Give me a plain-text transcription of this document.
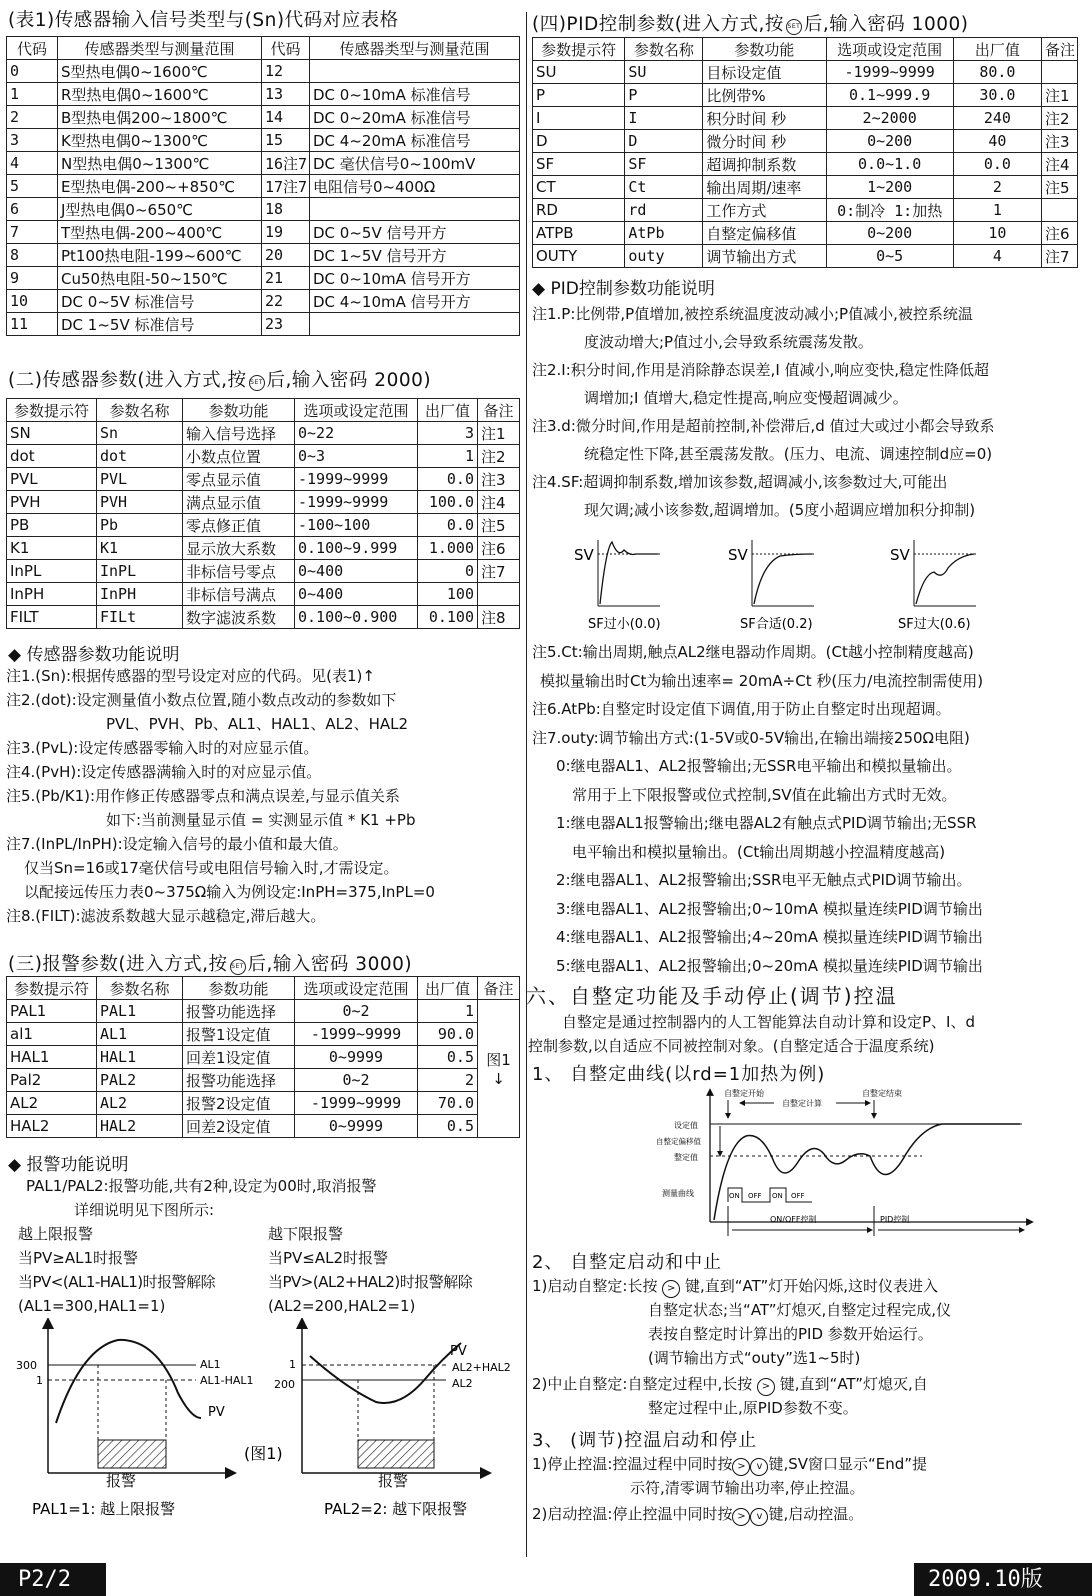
(表1)传感器输入信号类型与(Sn)代码对应表格
代码	传感器类型与测量范围	代码	传感器类型与测量范围
0	S型热电偶0~1600℃	12	
1	R型热电偶0~1600℃	13	DC 0~10mA 标准信号
2	B型热电偶200~1800℃	14	DC 0~20mA 标准信号
3	K型热电偶0~1300℃	15	DC 4~20mA 标准信号
4	N型热电偶0~1300℃	16注7	DC 毫伏信号0~100mV
5	E型热电偶-200~+850℃	17注7	电阻信号0~400Ω
6	J型热电偶0~650℃	18	
7	T型热电偶-200~400℃	19	DC 0~5V 信号开方
8	Pt100热电阻-199~600℃	20	DC 1~5V 信号开方
9	Cu50热电阻-50~150℃	21	DC 0~10mA 信号开方
10	DC 0~5V 标准信号	22	DC 4~10mA 信号开方
11	DC 1~5V 标准信号	23	
(二)传感器参数(进入方式,按 SET 后,输入密码 2000)
参数提示符	参数名称	参数功能	选项或设定范围	出厂值	备注
SN	Sn	输入信号选择	0~22	3	注1
dot	dot	小数点位置	0~3	1	注2
PVL	PVL	零点显示值	-1999~9999	0.0	注3
PVH	PVH	满点显示值	-1999~9999	100.0	注4
PB	Pb	零点修正值	-100~100	0.0	注5
K1	K1	显示放大系数	0.100~9.999	1.000	注6
InPL	InPL	非标信号零点	0~400	0	注7
InPH	InPH	非标信号满点	0~400	100	
FILT	FILt	数字滤波系数	0.100~0.900	0.100	注8
◆ 传感器参数功能说明
注1.(Sn):根据传感器的型号设定对应的代码。见(表1)↑
注2.(dot):设定测量值小数点位置,随小数点改动的参数如下
PVL、PVH、Pb、AL1、HAL1、AL2、HAL2
注3.(PvL):设定传感器零输入时的对应显示值。
注4.(PvH):设定传感器满输入时的对应显示值。
注5.(Pb/K1):用作修正传感器零点和满点误差,与显示值关系
如下:当前测量显示值 = 实测显示值 * K1 +Pb
注7.(InPL/InPH):设定输入信号的最小值和最大值。
仅当Sn=16或17毫伏信号或电阻信号输入时,才需设定。
以配接远传压力表0~375Ω输入为例设定:InPH=375,InPL=0
注8.(FILT):滤波系数越大显示越稳定,滞后越大。
(三)报警参数(进入方式,按 SET 后,输入密码 3000)
参数提示符	参数名称	参数功能	选项或设定范围	出厂值	备注
PAL1	PAL1	报警功能选择	0~2	1	图1
↓

al1	AL1	报警1设定值	-1999~9999	90.0	
HAL1	HAL1	回差1设定值	0~9999	0.5	
Pal2	PAL2	报警功能选择	0~2	2	
AL2	AL2	报警2设定值	-1999~9999	70.0	
HAL2	HAL2	回差2设定值	0~9999	0.5	
◆ 报警功能说明
PAL1/PAL2:报警功能,共有2种,设定为00时,取消报警
详细说明见下图所示:
越上限报警
当PV≥AL1时报警
当PV<(AL1-HAL1)时报警解除
(AL1=300,HAL1=1)
越下限报警
当PV≤AL2时报警
当PV>(AL2+HAL2)时报警解除
(AL2=200,HAL2=1)
300
1
AL1
AL1-HAL1
PV
报警
PAL1=1: 越上限报警
(图1)
1
200
PV
AL2+HAL2
AL2
报警
PAL2=2: 越下限报警
(四)PID控制参数(进入方式,按 SET 后,输入密码 1000)
参数提示符	参数名称	参数功能	选项或设定范围	出厂值	备注
SU	SU	目标设定值	-1999~9999	80.0	
P	P	比例带%	0.1~999.9	30.0	注1
I	I	积分时间 秒	2~2000	240	注2
D	D	微分时间 秒	0~200	40	注3
SF	SF	超调抑制系数	0.0~1.0	0.0	注4
CT	Ct	输出周期/速率	1~200	2	注5
RD	rd	工作方式	0:制冷 1:加热	1	
ATPB	AtPb	自整定偏移值	0~200	10	注6
OUTY	outy	调节输出方式	0~5	4	注7
◆ PID控制参数功能说明
注1.P:比例带,P值增加,被控系统温度波动减小;P值减小,被控系统温
度波动增大;P值过小,会导致系统震荡发散。
注2.I:积分时间,作用是消除静态误差,I 值减小,响应变快,稳定性降低超
调增加;I 值增大,稳定性提高,响应变慢超调减少。
注3.d:微分时间,作用是超前控制,补偿滞后,d 值过大或过小都会导致系
统稳定性下降,甚至震荡发散。(压力、电流、调速控制d应=0)
注4.SF:超调抑制系数,增加该参数,超调减小,该参数过大,可能出
现欠调;减小该参数,超调增加。(5度小超调应增加积分抑制)
SV
SF过小(0.0)
SV
SF合适(0.2)
SV
SF过大(0.6)
注5.Ct:输出周期,触点AL2继电器动作周期。(Ct越小控制精度越高)
模拟量输出时Ct为输出速率= 20mA÷Ct 秒(压力/电流控制需使用)
注6.AtPb:自整定时设定值下调值,用于防止自整定时出现超调。
注7.outy:调节输出方式:(1-5V或0-5V输出,在输出端接250Ω电阻)
0:继电器AL1、AL2报警输出;无SSR电平输出和模拟量输出。
常用于上下限报警或位式控制,SV值在此输出方式时无效。
1:继电器AL1报警输出;继电器AL2有触点式PID调节输出;无SSR
电平输出和模拟量输出。(Ct输出周期越小控温精度越高)
2:继电器AL1、AL2报警输出;SSR电平无触点式PID调节输出。
3:继电器AL1、AL2报警输出;0~10mA 模拟量连续PID调节输出
4:继电器AL1、AL2报警输出;4~20mA 模拟量连续PID调节输出
5:继电器AL1、AL2报警输出;0~20mA 模拟量连续PID调节输出
六、自整定功能及手动停止(调节)控温
自整定是通过控制器内的人工智能算法自动计算和设定P、I、d
控制参数,以自适应不同被控制对象。(自整定适合于温度系统)
1、 自整定曲线(以rd=1加热为例)
自整定开始
自整定计算
自整定结束
设定值
自整定偏移值
整定值
测量曲线	ON OFF ON OFF
ON/OFF控制	PID控制
2、 自整定启动和中止
1)启动自整定:长按 > 键,直到“AT”灯开始闪烁,这时仪表进入
自整定状态;当“AT”灯熄灭,自整定过程完成,仪
表按自整定时计算出的PID 参数开始运行。
(调节输出方式“outy”选1~5时)
2)中止自整定:自整定过程中,长按 > 键,直到“AT”灯熄灭,自
整定过程中止,原PID参数不变。
3、 (调节)控温启动和停止
1)停止控温:控温过程中同时按 > v 键,SV窗口显示“End”提
示符,清零调节输出功率,停止控温。
2)启动控温:停止控温中同时按 > v 键,启动控温。
P2/2	2009.10版
